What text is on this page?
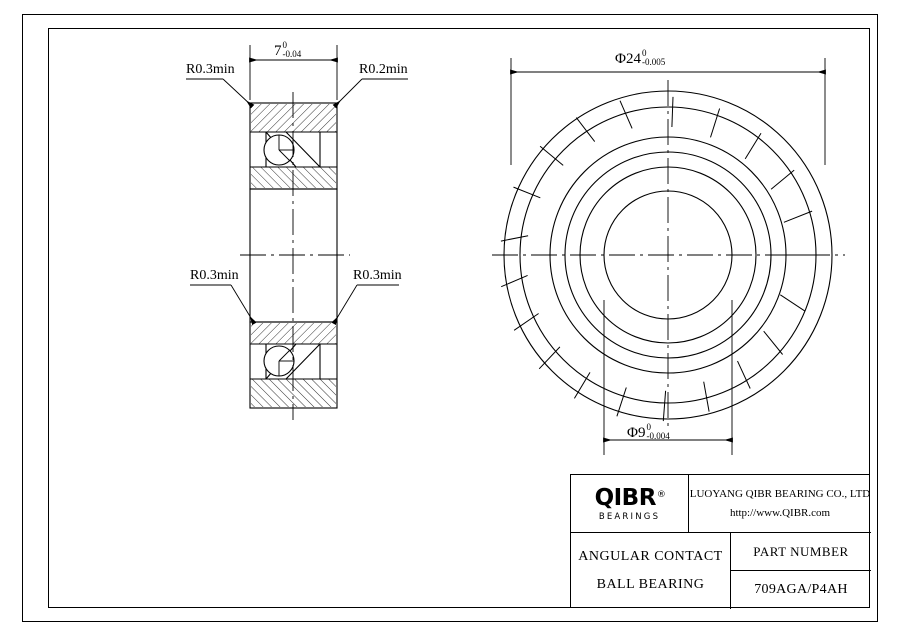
R0.3min	R0.2min
R0.3min	R0.3min
7 0
-0.04	Φ24 0
-0.005
Φ9 0
-0.004
QIBR®
BEARINGS
LUOYANG QIBR BEARING CO., LTD
http://www.QIBR.com
ANGULAR CONTACT
BALL BEARING
PART NUMBER
709AGA/P4AH
